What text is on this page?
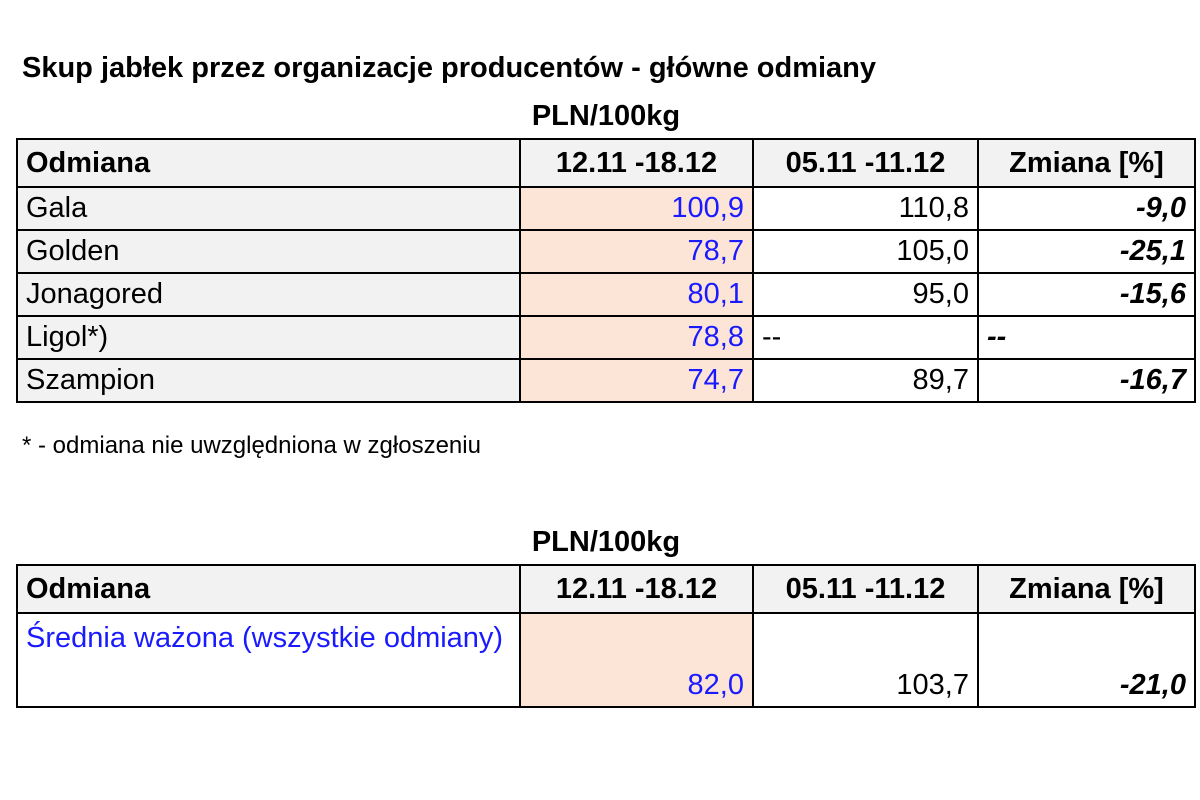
Skup jabłek przez organizacje producentów - główne odmiany
PLN/100kg
Odmiana	12.11 -18.12	05.11 -11.12	Zmiana [%]
Gala	100,9	110,8	-9,0
Golden	78,7	105,0	-25,1
Jonagored	80,1	95,0	-15,6
Ligol*)	78,8	--	--
Szampion	74,7	89,7	-16,7
* - odmiana nie uwzględniona w zgłoszeniu
PLN/100kg
Odmiana	12.11 -18.12	05.11 -11.12	Zmiana [%]
Średnia ważona (wszystkie odmiany)	82,0	103,7	-21,0
